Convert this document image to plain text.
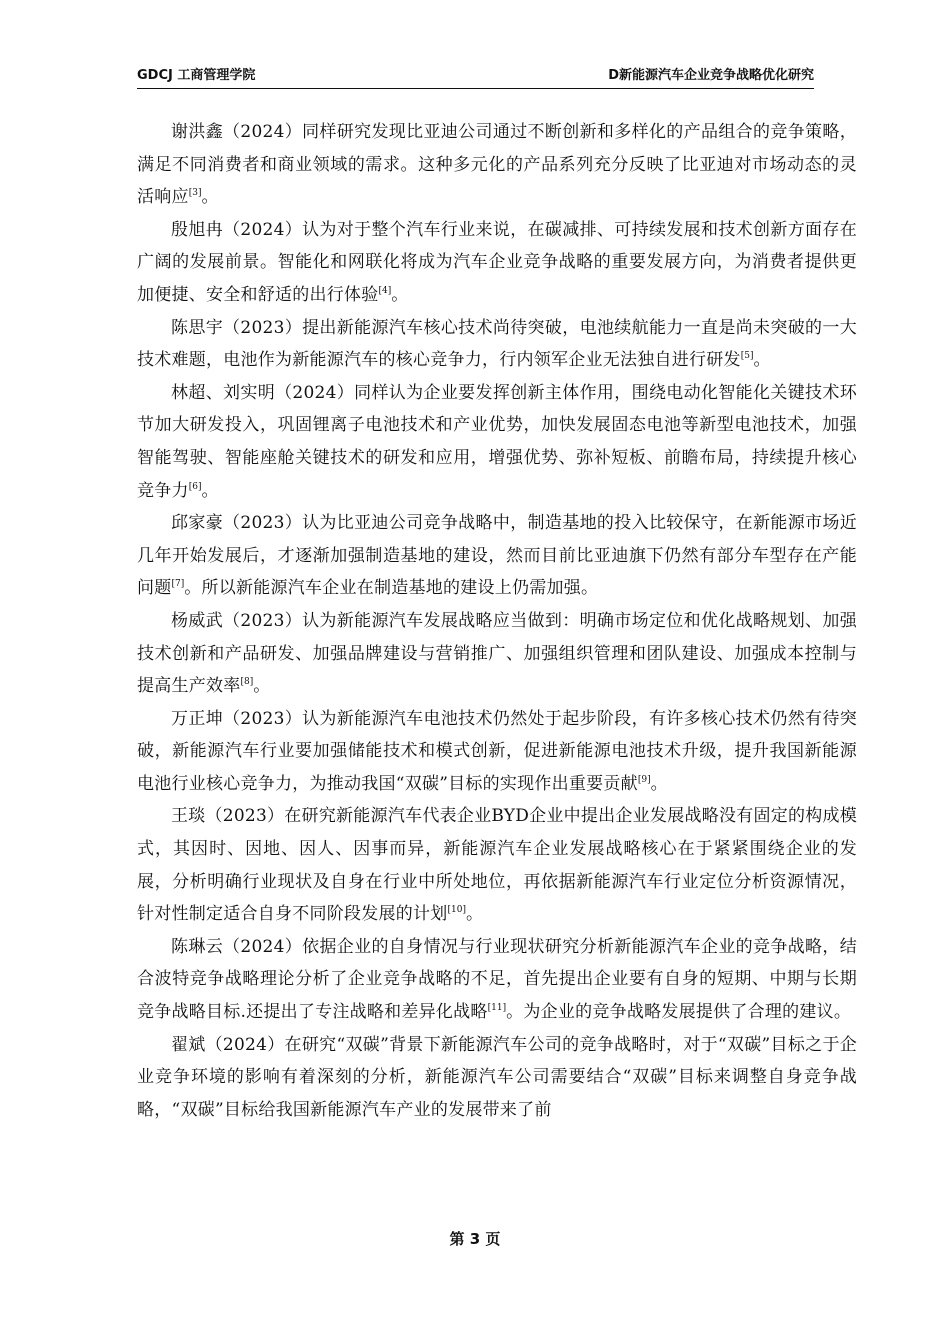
GDCJ 工商管理学院	D新能源汽车企业竞争战略优化研究

谢洪鑫（2024）同样研究发现比亚迪公司通过不断创新和多样化的产品组合的竞争策略，满足不同消费者和商业领域的需求。这种多元化的产品系列充分反映了比亚迪对市场动态的灵活响应[3]。

殷旭冉（2024）认为对于整个汽车行业来说，在碳减排、可持续发展和技术创新方面存在广阔的发展前景。智能化和网联化将成为汽车企业竞争战略的重要发展方向，为消费者提供更加便捷、安全和舒适的出行体验[4]。

陈思宇（2023）提出新能源汽车核心技术尚待突破，电池续航能力一直是尚未突破的一大技术难题，电池作为新能源汽车的核心竞争力，行内领军企业无法独自进行研发[5]。

林超、刘实明（2024）同样认为企业要发挥创新主体作用，围绕电动化智能化关键技术环节加大研发投入，巩固锂离子电池技术和产业优势，加快发展固态电池等新型电池技术，加强智能驾驶、智能座舱关键技术的研发和应用，增强优势、弥补短板、前瞻布局，持续提升核心竞争力[6]。

邱家豪（2023）认为比亚迪公司竞争战略中，制造基地的投入比较保守，在新能源市场近几年开始发展后，才逐渐加强制造基地的建设，然而目前比亚迪旗下仍然有部分车型存在产能问题[7]。所以新能源汽车企业在制造基地的建设上仍需加强。

杨威武（2023）认为新能源汽车发展战略应当做到：明确市场定位和优化战略规划、加强技术创新和产品研发、加强品牌建设与营销推广、加强组织管理和团队建设、加强成本控制与提高生产效率[8]。

万正坤（2023）认为新能源汽车电池技术仍然处于起步阶段，有许多核心技术仍然有待突破，新能源汽车行业要加强储能技术和模式创新，促进新能源电池技术升级，提升我国新能源电池行业核心竞争力，为推动我国“双碳”目标的实现作出重要贡献[9]。

王琰（2023）在研究新能源汽车代表企业BYD企业中提出企业发展战略没有固定的构成模式，其因时、因地、因人、因事而异，新能源汽车企业发展战略核心在于紧紧围绕企业的发展，分析明确行业现状及自身在行业中所处地位，再依据新能源汽车行业定位分析资源情况，针对性制定适合自身不同阶段发展的计划[10]。

陈琳云（2024）依据企业的自身情况与行业现状研究分析新能源汽车企业的竞争战略，结合波特竞争战略理论分析了企业竞争战略的不足，首先提出企业要有自身的短期、中期与长期竞争战略目标.还提出了专注战略和差异化战略[11]。为企业的竞争战略发展提供了合理的建议。

翟斌（2024）在研究“双碳”背景下新能源汽车公司的竞争战略时，对于“双碳”目标之于企业竞争环境的影响有着深刻的分析，新能源汽车公司需要结合“双碳”目标来调整自身竞争战略，“双碳”目标给我国新能源汽车产业的发展带来了前

第 3 页
